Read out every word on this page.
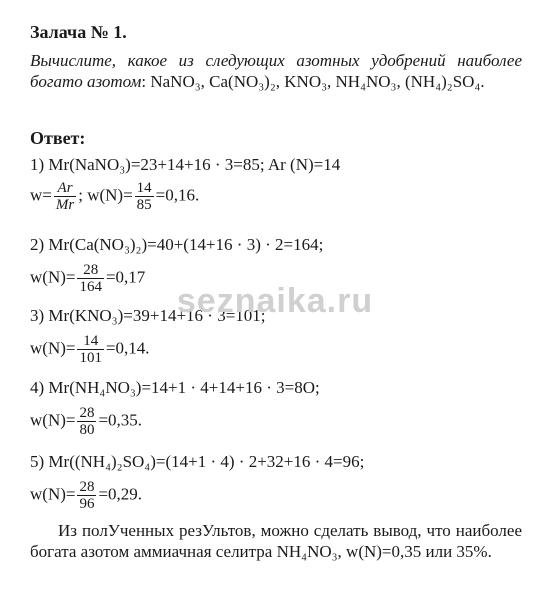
Залача № 1.
Вычислите, какое из следующих азотных удобрений наиболее богато азотом: NaNO₃, Ca(NO₃)₂, KNO₃, NH₄NO₃, (NH₄)₂SO₄.
Ответ:
1) Mr(NaNO₃)=23+14+16 · 3=85; Ar (N)=14
$w= \frac{Ar}{Mr}$ ; $w(N)= \frac{14}{85} =0,16$.
2) Mr(Ca(NO₃)₂)=40+(14+16 · 3) · 2=164;
$w(N)= \frac{28}{164} =0,17$
3) Mr(KNO₃)=39+14+16 · 3=101;
$w(N)= \frac{14}{101} =0,14$.
4) Mr(NH₄NO₃)=14+1 · 4+14+16 · 3=8O;
$w(N)= \frac{28}{80} =0,35$.
5) Mr((NH₄)₂SO₄)=(14+1 · 4) · 2+32+16 · 4=96;
$w(N)= \frac{28}{96} =0,29$.
Из полУченных резУльтов, можно сделать вывод, что наиболее богата азотом аммиачная селитра NH₄NO₃, w(N)=0,35 или 35%.
seznaika.ru
